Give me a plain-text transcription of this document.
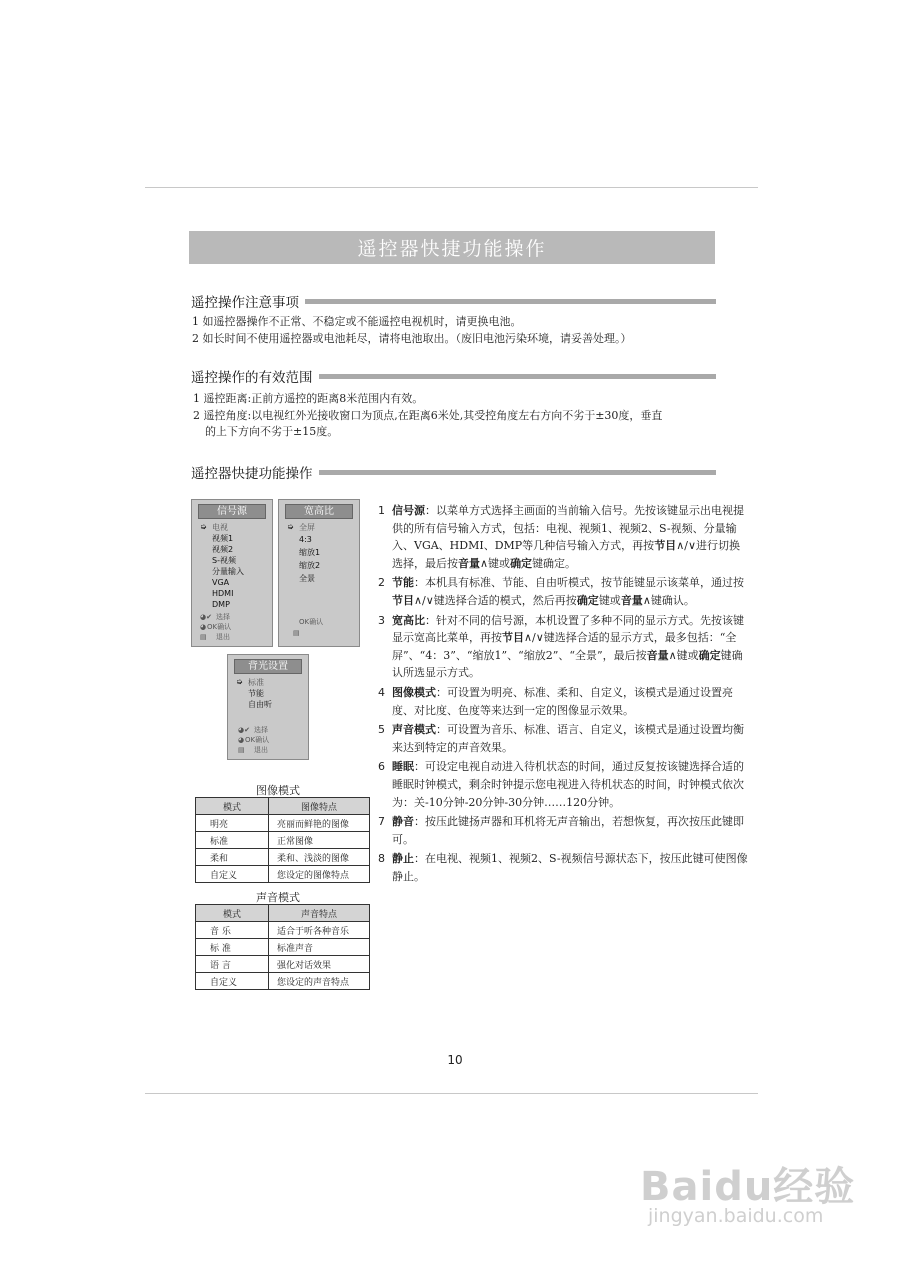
遥控器快捷功能操作
遥控操作注意事项
1 如遥控器操作不正常、不稳定或不能遥控电视机时，请更换电池。
2 如长时间不使用遥控器或电池耗尽，请将电池取出。（废旧电池污染环境，请妥善处理。）
遥控操作的有效范围
1 遥控距离:正前方遥控的距离8米范围内有效。
2 遥控角度:以电视红外光接收窗口为顶点,在距离6米处,其受控角度左右方向不劣于±30度，垂直
的上下方向不劣于±15度。
遥控器快捷功能操作
信号源
➭ 电视
视频1
视频2
S-视频
分量输入
VGA
HDMI
DMP
◕✔ 选择
◕ OK确认
▤ 退出
宽高比
➭ 全屏
4:3
缩放1
缩放2
全景
OK确认
▤
背光设置
➭ 标准
节能
自由听
◕✔ 选择
◕ OK确认
▤ 退出
图像模式
模式	图像特点
明亮	亮丽而鲜艳的图像
标准	正常图像
柔和	柔和、浅淡的图像
自定义	您设定的图像特点
声音模式
模式	声音特点
音 乐	适合于听各种音乐
标 准	标准声音
语 言	强化对话效果
自定义	您设定的声音特点
1 信号源：以菜单方式选择主画面的当前输入信号。先按该键显示出电视提供的所有信号输入方式，包括：电视、视频1、视频2、S-视频、分量输入、VGA、HDMI、DMP等几种信号输入方式，再按节目∧/∨进行切换选择，最后按音量∧键或确定键确定。
2 节能：本机具有标准、节能、自由听模式，按节能键显示该菜单，通过按节目∧/∨键选择合适的模式，然后再按确定键或音量∧键确认。
3 宽高比：针对不同的信号源，本机设置了多种不同的显示方式。先按该键显示宽高比菜单，再按节目∧/∨键选择合适的显示方式，最多包括：“全屏”、“4：3”、“缩放1”、“缩放2”、“全景”，最后按音量∧键或确定键确认所选显示方式。
4 图像模式：可设置为明亮、标准、柔和、自定义，该模式是通过设置亮度、对比度、色度等来达到一定的图像显示效果。
5 声音模式：可设置为音乐、标准、语言、自定义，该模式是通过设置均衡来达到特定的声音效果。
6 睡眠：可设定电视自动进入待机状态的时间，通过反复按该键选择合适的睡眠时钟模式，剩余时钟提示您电视进入待机状态的时间，时钟模式依次为：关-10分钟-20分钟-30分钟……120分钟。
7 静音：按压此键扬声器和耳机将无声音输出，若想恢复，再次按压此键即可。
8 静止：在电视、视频1、视频2、S-视频信号源状态下，按压此键可使图像静止。
10
Baidu经验
jingyan.baidu.com
